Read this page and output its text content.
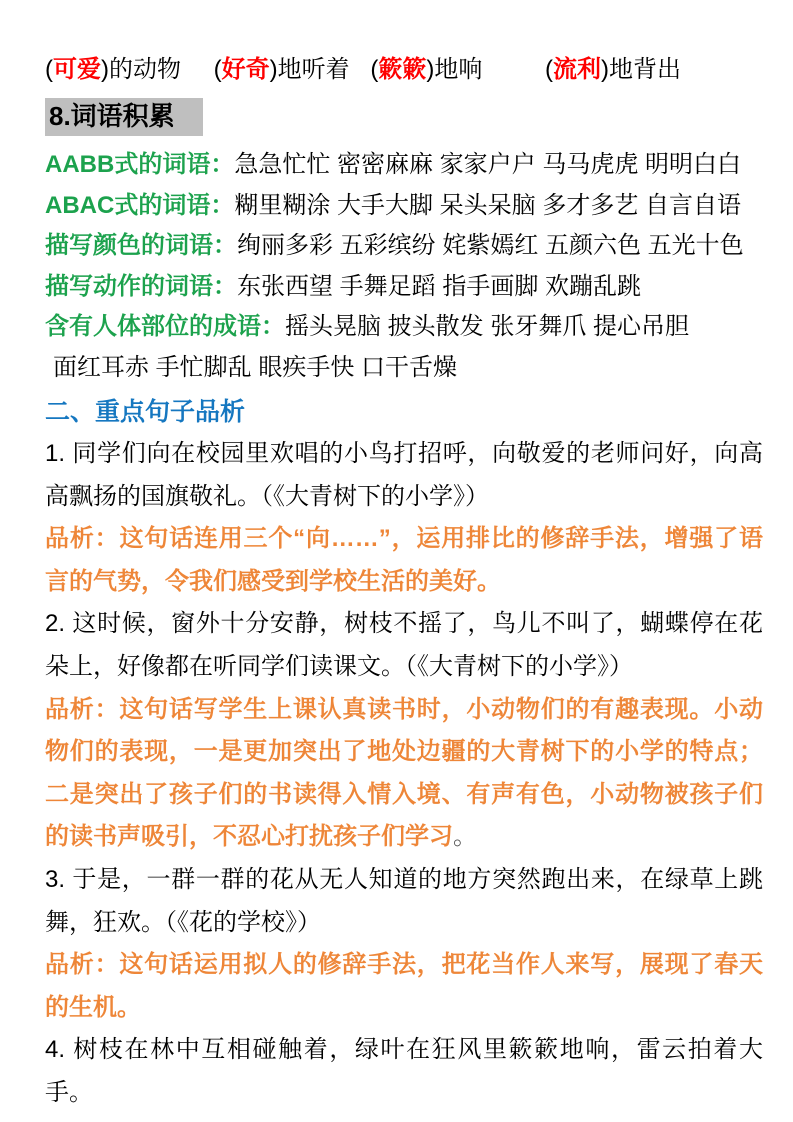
(可爱)的动物 (好奇)地听着 (簌簌)地响	(流利)地背出
8.词语积累
AABB式的词语：急急忙忙 密密麻麻 家家户户 马马虎虎 明明白白
ABAC式的词语：糊里糊涂 大手大脚 呆头呆脑 多才多艺 自言自语
描写颜色的词语：绚丽多彩 五彩缤纷 姹紫嫣红 五颜六色 五光十色
描写动作的词语：东张西望 手舞足蹈 指手画脚 欢蹦乱跳
含有人体部位的成语：摇头晃脑 披头散发 张牙舞爪 提心吊胆
面红耳赤 手忙脚乱 眼疾手快 口干舌燥
二、重点句子品析

1. 同学们向在校园里欢唱的小鸟打招呼，向敬爱的老师问好，向高高飘扬的国旗敬礼。（《大青树下的小学》）

品析：这句话连用三个“向……”，运用排比的修辞手法，增强了语言的气势，令我们感受到学校生活的美好。

2. 这时候，窗外十分安静，树枝不摇了，鸟儿不叫了，蝴蝶停在花朵上，好像都在听同学们读课文。（《大青树下的小学》）

品析：这句话写学生上课认真读书时，小动物们的有趣表现。小动物们的表现，一是更加突出了地处边疆的大青树下的小学的特点；二是突出了孩子们的书读得入情入境、有声有色，小动物被孩子们的读书声吸引，不忍心打扰孩子们学习。

3. 于是，一群一群的花从无人知道的地方突然跑出来，在绿草上跳舞，狂欢。（《花的学校》）

品析：这句话运用拟人的修辞手法，把花当作人来写，展现了春天的生机。

4. 树枝在林中互相碰触着，绿叶在狂风里簌簌地响，雷云拍着大手。
